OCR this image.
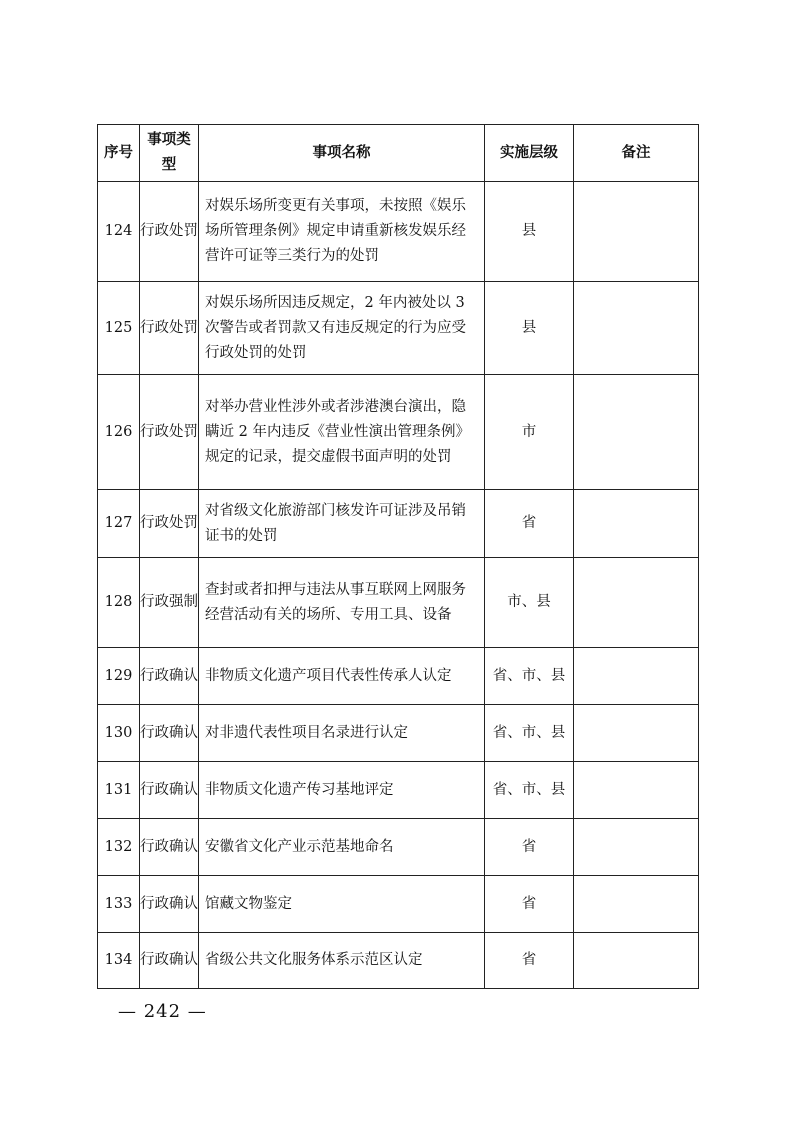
序号	事项类型	事项名称	实施层级	备注
124	行政处罚	对娱乐场所变更有关事项，未按照《娱乐场所管理条例》规定申请重新核发娱乐经营许可证等三类行为的处罚	县	
125	行政处罚	对娱乐场所因违反规定，2 年内被处以 3 次警告或者罚款又有违反规定的行为应受行政处罚的处罚	县	
126	行政处罚	对举办营业性涉外或者涉港澳台演出，隐瞒近 2 年内违反《营业性演出管理条例》规定的记录，提交虚假书面声明的处罚	市	
127	行政处罚	对省级文化旅游部门核发许可证涉及吊销证书的处罚	省	
128	行政强制	查封或者扣押与违法从事互联网上网服务经营活动有关的场所、专用工具、设备	市、县	
129	行政确认	非物质文化遗产项目代表性传承人认定	省、市、县	
130	行政确认	对非遗代表性项目名录进行认定	省、市、县	
131	行政确认	非物质文化遗产传习基地评定	省、市、县	
132	行政确认	安徽省文化产业示范基地命名	省	
133	行政确认	馆藏文物鉴定	省	
134	行政确认	省级公共文化服务体系示范区认定	省	
— 242 —
